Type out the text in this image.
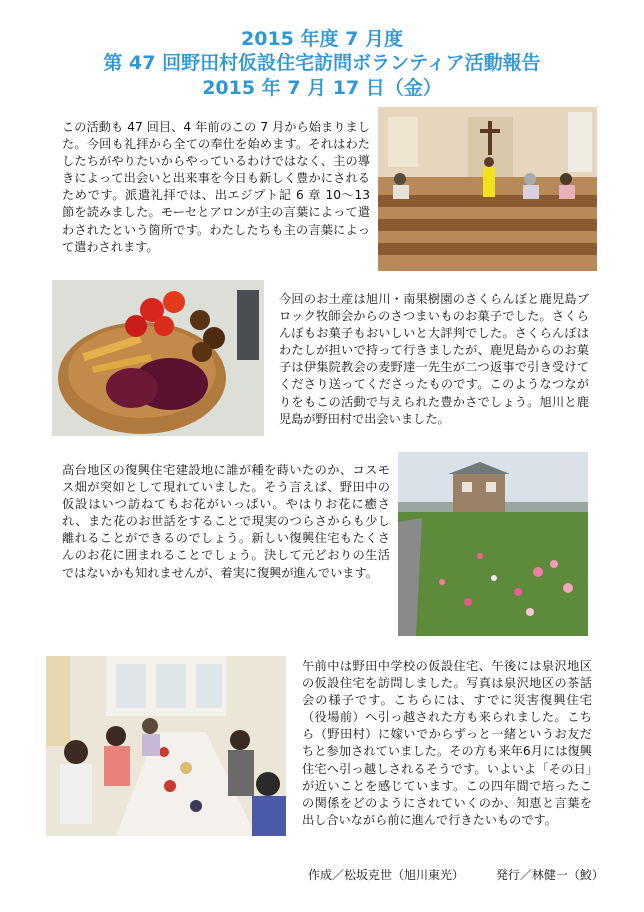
2015 年度 7 月度
第 47 回野田村仮設住宅訪問ボランティア活動報告
2015 年 7 月 17 日（金）

この活動も 47 回目、4 年前のこの 7 月から始まりました。今回も礼拝から全ての奉仕を始めます。それはわたしたちがやりたいからやっているわけではなく、主の導きによって出会いと出来事を今日も新しく豊かにされるためです。派遣礼拝では、出エジプト記 6 章 10～13 節を読みました。モーセとアロンが主の言葉によって遣わされたという箇所です。わたしたちも主の言葉によって遣わされます。

今回のお土産は旭川・南果樹園のさくらんぼと鹿児島ブロック牧師会からのさつまいものお菓子でした。さくらんぼもお菓子もおいしいと大評判でした。さくらんぼはわたしが担いで持って行きましたが、鹿児島からのお菓子は伊集院教会の麦野達一先生が二つ返事で引き受けてくださり送ってくださったものです。このようなつながりをもこの活動で与えられた豊かさでしょう。旭川と鹿児島が野田村で出会いました。

高台地区の復興住宅建設地に誰が種を蒔いたのか、コスモス畑が突如として現れていました。そう言えば、野田中の仮設はいつ訪ねてもお花がいっぱい。やはりお花に癒され、また花のお世話をすることで現実のつらさからも少し離れることができるのでしょう。新しい復興住宅もたくさんのお花に囲まれることでしょう。決して元どおりの生活ではないかも知れませんが、着実に復興が進んでいます。

午前中は野田中学校の仮設住宅、午後には泉沢地区の仮設住宅を訪問しました。写真は泉沢地区の茶話会の様子です。こちらには、すでに災害復興住宅（役場前）へ引っ越された方も来られました。こちら（野田村）に嫁いでからずっと一緒というお友だちと参加されていました。その方も来年6月には復興住宅へ引っ越しされるそうです。いよいよ「その日」が近いことを感じています。この四年間で培ったこの関係をどのようにされていくのか、知恵と言葉を出し合いながら前に進んで行きたいものです。

作成／松坂克世（旭川東光）	発行／林健一（鮫）
